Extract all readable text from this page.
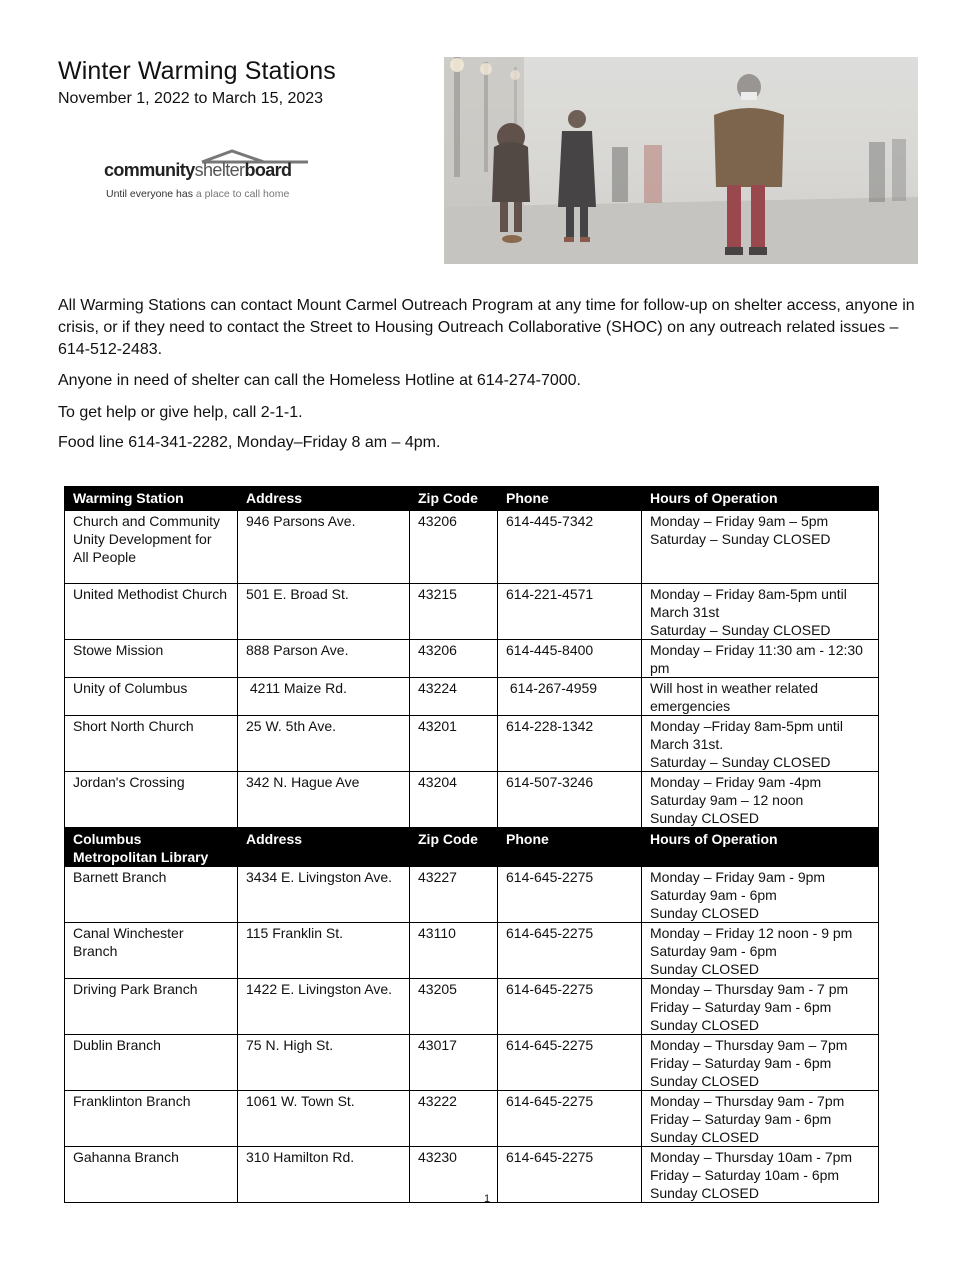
Winter Warming Stations
November 1, 2022 to March 15, 2023
communityshelterboard
Until everyone has a place to call home

All Warming Stations can contact Mount Carmel Outreach Program at any time for follow-up on shelter access, anyone in crisis, or if they need to contact the Street to Housing Outreach Collaborative (SHOC) on any outreach related issues – 614-512-2483.

Anyone in need of shelter can call the Homeless Hotline at 614-274-7000.

To get help or give help, call 2-1-1.

Food line 614-341-2282, Monday–Friday 8 am – 4pm.

Warming Station	Address	Zip Code	Phone	Hours of Operation
Church and Community Unity Development for All People	946 Parsons Ave.	43206	614-445-7342	Monday – Friday 9am – 5pm
Saturday – Sunday CLOSED

United Methodist Church	501 E. Broad St.	43215	614-221-4571	Monday – Friday 8am-5pm until March 31st
Saturday – Sunday CLOSED

Stowe Mission	888 Parson Ave.	43206	614-445-8400	Monday – Friday 11:30 am - 12:30 pm

Unity of Columbus	4211 Maize Rd.	43224	614-267-4959	Will host in weather related emergencies

Short North Church	25 W. 5th Ave.	43201	614-228-1342	Monday –Friday 8am-5pm until March 31st.
Saturday – Sunday CLOSED

Jordan's Crossing	342 N. Hague Ave	43204	614-507-3246	Monday – Friday 9am -4pm
Saturday 9am – 12 noon
Sunday CLOSED

Columbus Metropolitan Library	Address	Zip Code	Phone	Hours of Operation
Barnett Branch	3434 E. Livingston Ave.	43227	614-645-2275	Monday – Friday 9am - 9pm
Saturday 9am - 6pm
Sunday CLOSED

Canal Winchester Branch	115 Franklin St.	43110	614-645-2275	Monday – Friday 12 noon - 9 pm
Saturday 9am - 6pm
Sunday CLOSED

Driving Park Branch	1422 E. Livingston Ave.	43205	614-645-2275	Monday – Thursday 9am - 7 pm
Friday – Saturday 9am - 6pm
Sunday CLOSED

Dublin Branch	75 N. High St.	43017	614-645-2275	Monday – Thursday 9am – 7pm
Friday – Saturday 9am - 6pm
Sunday CLOSED

Franklinton Branch	1061 W. Town St.	43222	614-645-2275	Monday – Thursday 9am - 7pm
Friday – Saturday 9am - 6pm
Sunday CLOSED

Gahanna Branch	310 Hamilton Rd.	43230	614-645-2275	Monday – Thursday 10am - 7pm
Friday – Saturday 10am - 6pm
Sunday CLOSED
1
